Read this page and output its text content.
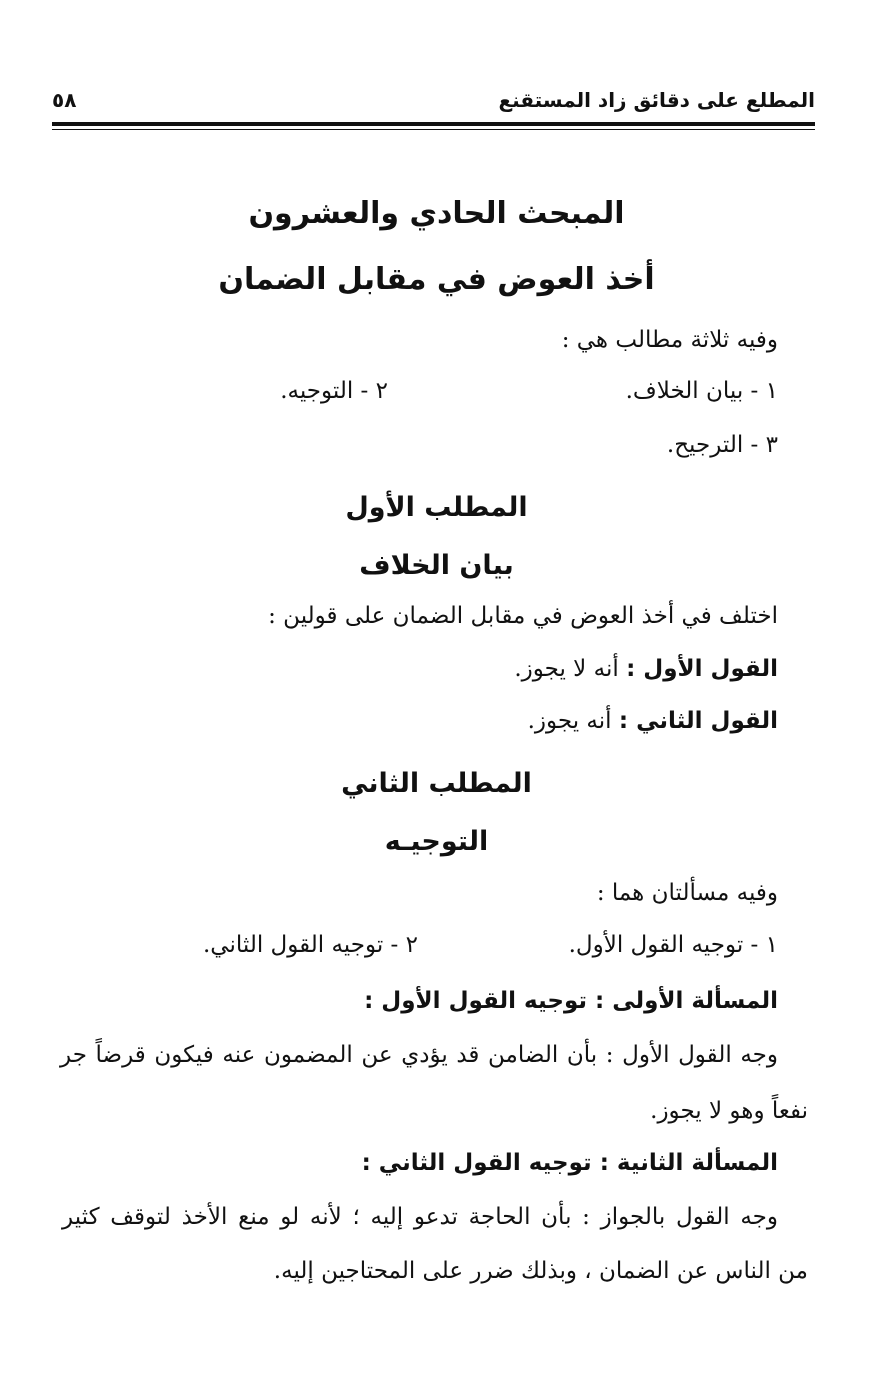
المطلع على دقائق زاد المستقنع
٥٨
المبحث الحادي والعشرون
أخذ العوض في مقابل الضمان
وفيه ثلاثة مطالب هي :
١ - بيان الخلاف.
٢ - التوجيه.
٣ - الترجيح.
المطلب الأول
بيان الخلاف
اختلف في أخذ العوض في مقابل الضمان على قولين :
القول الأول : أنه لا يجوز.
القول الثاني : أنه يجوز.
المطلب الثاني
التوجيـه
وفيه مسألتان هما :
١ - توجيه القول الأول.
٢ - توجيه القول الثاني.
المسألة الأولى : توجيه القول الأول :
وجه القول الأول : بأن الضامن قد يؤدي عن المضمون عنه فيكون قرضاً جر
نفعاً وهو لا يجوز.
المسألة الثانية : توجيه القول الثاني :
وجه القول بالجواز : بأن الحاجة تدعو إليه ؛ لأنه لو منع الأخذ لتوقف كثير
من الناس عن الضمان ، وبذلك ضرر على المحتاجين إليه.
